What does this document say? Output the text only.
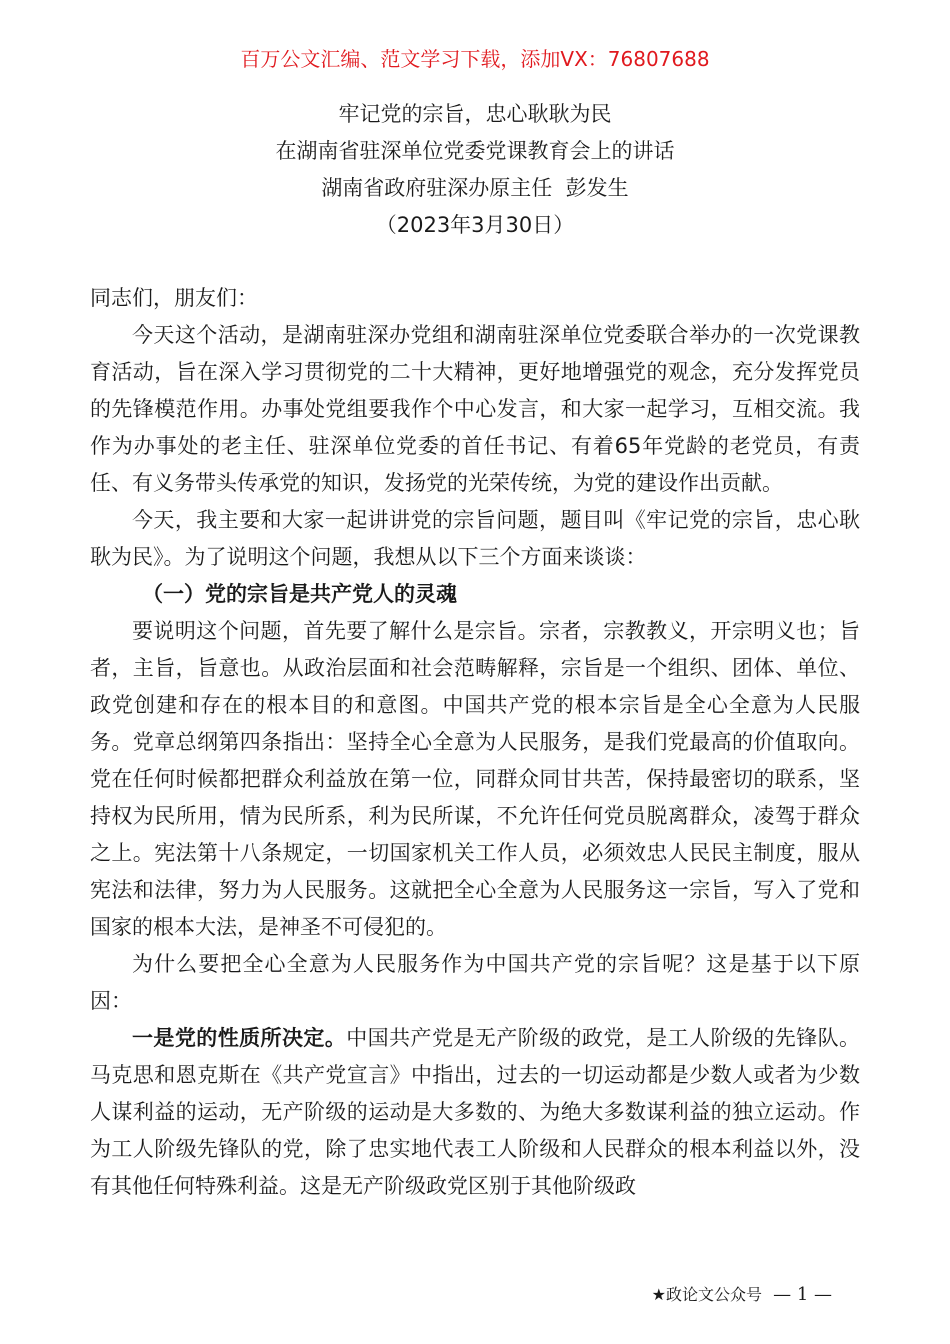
百万公文汇编、范文学习下载，添加VX：76807688
牢记党的宗旨，忠心耿耿为民
在湖南省驻深单位党委党课教育会上的讲话
湖南省政府驻深办原主任  彭发生
（2023年3月30日）

同志们，朋友们：

今天这个活动，是湖南驻深办党组和湖南驻深单位党委联合举办的一次党课教育活动，旨在深入学习贯彻党的二十大精神，更好地增强党的观念，充分发挥党员的先锋模范作用。办事处党组要我作个中心发言，和大家一起学习，互相交流。我作为办事处的老主任、驻深单位党委的首任书记、有着65年党龄的老党员，有责任、有义务带头传承党的知识，发扬党的光荣传统，为党的建设作出贡献。

今天，我主要和大家一起讲讲党的宗旨问题，题目叫《牢记党的宗旨，忠心耿耿为民》。为了说明这个问题，我想从以下三个方面来谈谈：

（一）党的宗旨是共产党人的灵魂

要说明这个问题，首先要了解什么是宗旨。宗者，宗教教义，开宗明义也；旨者，主旨，旨意也。从政治层面和社会范畴解释，宗旨是一个组织、团体、单位、政党创建和存在的根本目的和意图。中国共产党的根本宗旨是全心全意为人民服务。党章总纲第四条指出：坚持全心全意为人民服务，是我们党最高的价值取向。党在任何时候都把群众利益放在第一位，同群众同甘共苦，保持最密切的联系，坚持权为民所用，情为民所系，利为民所谋，不允许任何党员脱离群众，凌驾于群众之上。宪法第十八条规定，一切国家机关工作人员，必须效忠人民民主制度，服从宪法和法律，努力为人民服务。这就把全心全意为人民服务这一宗旨，写入了党和国家的根本大法，是神圣不可侵犯的。

为什么要把全心全意为人民服务作为中国共产党的宗旨呢？这是基于以下原因：

一是党的性质所决定。中国共产党是无产阶级的政党，是工人阶级的先锋队。马克思和恩克斯在《共产党宣言》中指出，过去的一切运动都是少数人或者为少数人谋利益的运动，无产阶级的运动是大多数的、为绝大多数谋利益的独立运动。作为工人阶级先锋队的党，除了忠实地代表工人阶级和人民群众的根本利益以外，没有其他任何特殊利益。这是无产阶级政党区别于其他阶级政

★政论文公众号 — 1 —
